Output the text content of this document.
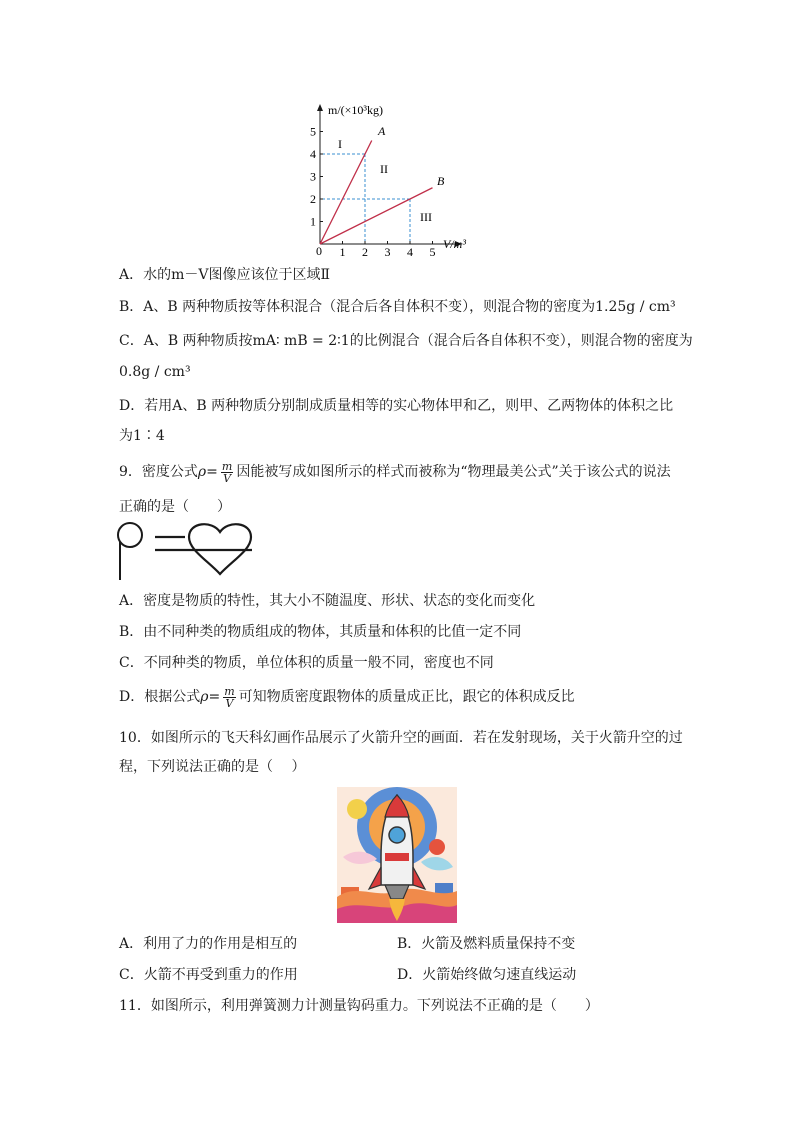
1 2 3 4 5
1
2
3
4
5
m/(×10³kg)
V/m³
0
I
II
III
A
B
A．水的m－V图像应该位于区域Ⅱ
B．A、B 两种物质按等体积混合（混合后各自体积不变），则混合物的密度为1.25g / cm³
C．A、B 两种物质按mA∶ mB = 2∶1的比例混合（混合后各自体积不变），则混合物的密度为
0.8g / cm³
D．若用A、B 两种物质分别制成质量相等的实心物体甲和乙，则甲、乙两物体的体积之比
为1∶4
9．密度公式$\rho= \frac{m}{V}$ 因能被写成如图所示的样式而被称为“物理最美公式”关于该公式的说法
正确的是（　　）
A．密度是物质的特性，其大小不随温度、形状、状态的变化而变化
B．由不同种类的物质组成的物体，其质量和体积的比值一定不同
C．不同种类的物质，单位体积的质量一般不同，密度也不同
D．根据公式$\rho= \frac{m}{V}$ 可知物质密度跟物体的质量成正比，跟它的体积成反比
10．如图所示的飞天科幻画作品展示了火箭升空的画面．若在发射现场，关于火箭升空的过
程，下列说法正确的是（　 ）
A．利用了力的作用是相互的	B．火箭及燃料质量保持不变
C．火箭不再受到重力的作用	D．火箭始终做匀速直线运动
11．如图所示，利用弹簧测力计测量钩码重力。下列说法不正确的是（　　）
